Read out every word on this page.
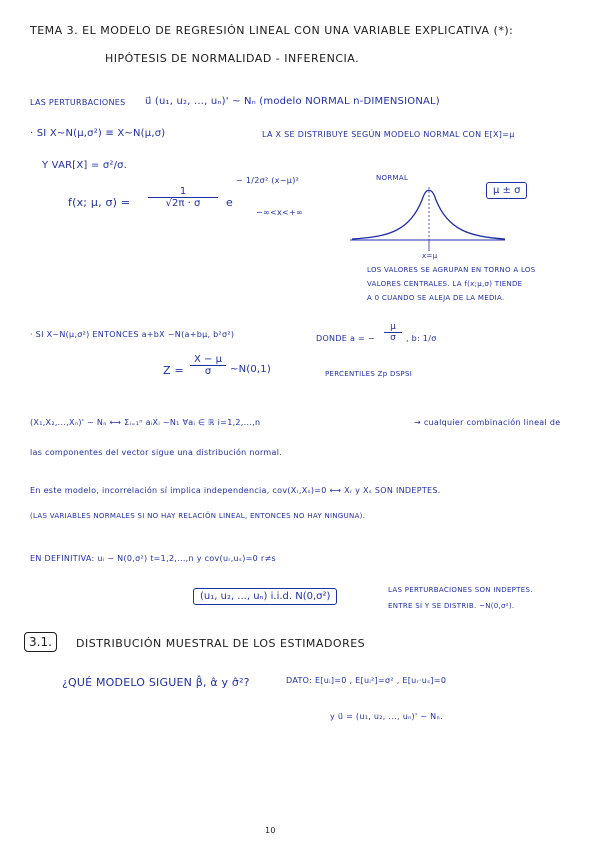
TEMA 3. EL MODELO DE REGRESIÓN LINEAL CON UNA VARIABLE EXPLICATIVA (*):
HIPÓTESIS DE NORMALIDAD - INFERENCIA.
LAS PERTURBACIONES u⃗ (u₁, u₂, ..., uₙ)' ~ Nₙ (modelo NORMAL n-DIMENSIONAL)
· SI X~N(μ,σ²) ≡ X~N(μ,σ)	LA X SE DISTRIBUYE SEGÚN MODELO NORMAL CON E[X]=μ
Y VAR[X] = σ²/σ.
f(x; μ, $\sigma) = \frac{1}{√2\pi \cdot \sigma}$ e
− 1/2σ² (x−μ)²
−∞<x<+∞
NORMAL
μ ± σ
x=μ
LOS VALORES SE AGRUPAN EN TORNO A LOS
VALORES CENTRALES. LA f(x;μ,σ) TIENDE
A 0 CUANDO SE ALEJA DE LA MEDIA.
· SI X~N(μ,σ²) ENTONCES a+bX ~N(a+bμ, b²σ²)	DONDE a = − $\frac{\mu}{\sigma}$ , b: 1/σ
$Z = \frac{X - \mu}{\sigma}$ ~N(0,1)	PERCENTILES Zp DSPSI
(X₁,X₂,...,Xₙ)' ~ Nₙ ⟷ Σᵢ₌₁ⁿ aᵢXᵢ ~N₁ ∀aᵢ ∈ ℝ i=1,2,...,n	→ cualquier combinación lineal de
las componentes del vector sigue una distribución normal.
En este modelo, incorrelación sí implica independencia, cov(Xᵣ,Xₛ)=0 ⟷ Xᵣ y Xₛ SON INDEPTES.
(LAS VARIABLES NORMALES SI NO HAY RELACIÓN LINEAL, ENTONCES NO HAY NINGUNA).
EN DEFINITIVA: uᵢ ~ N(0,σ²) t=1,2,...,n y cov(uᵣ,uₛ)=0 r≠s
(u₁, u₂, ..., uₙ) i.i.d. N(0,σ²)
LAS PERTURBACIONES SON INDEPTES.
ENTRE SÍ Y SE DISTRIB. ~N(0,σ²).
3.1.	DISTRIBUCIÓN MUESTRAL DE LOS ESTIMADORES
¿QUÉ MODELO SIGUEN β̂, α̂ y σ̂²?	DATO: E[uᵢ]=0 , E[uᵢ²]=σ² , E[uᵣ·uₛ]=0
y u⃗ = (u₁, u₂, ..., uₙ)' ~ Nₙ.
10
